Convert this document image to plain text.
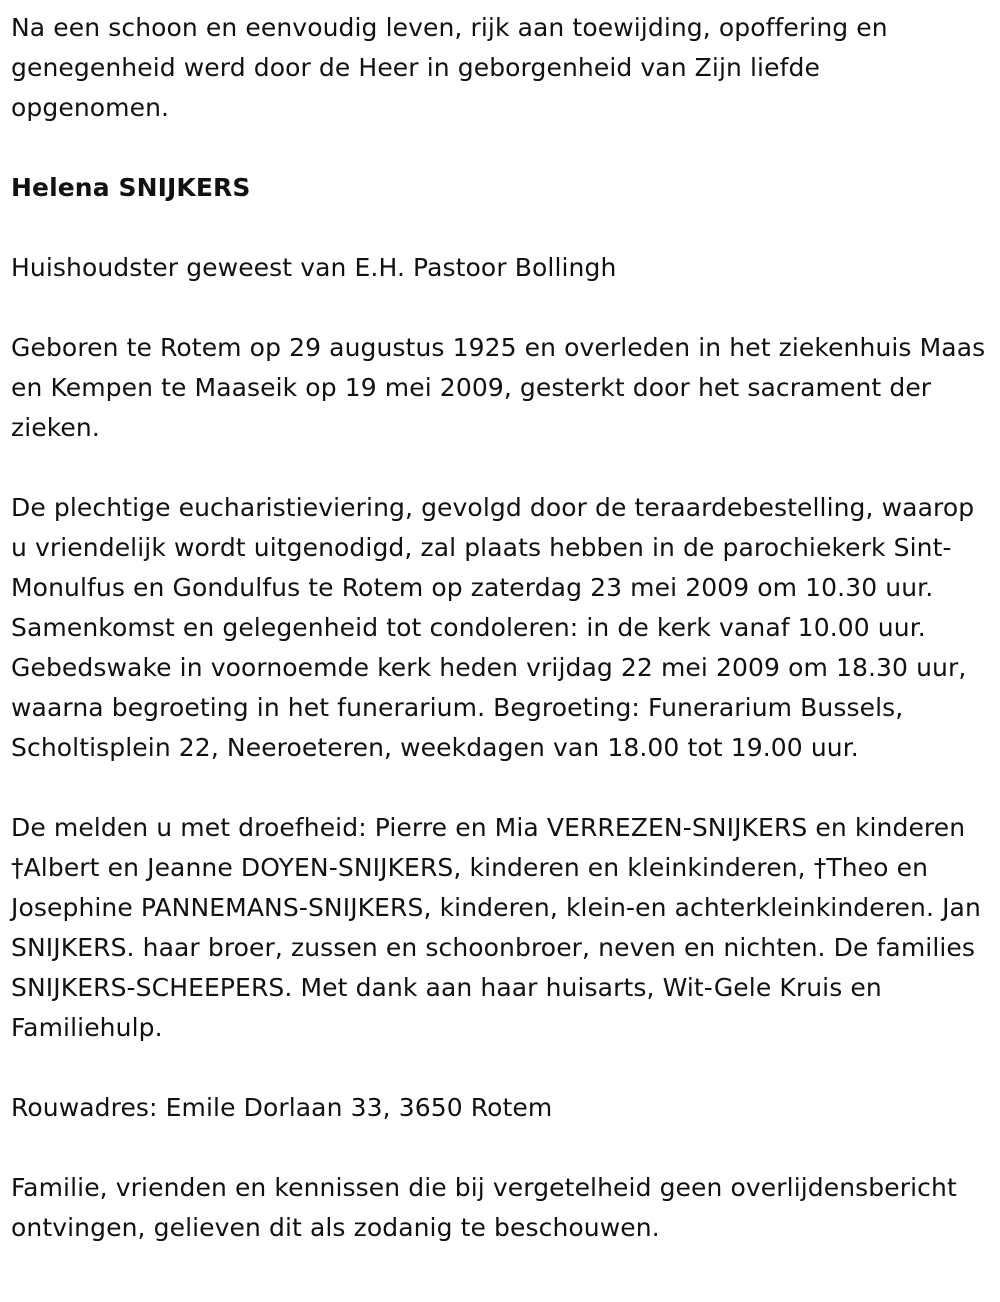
Na een schoon en eenvoudig leven, rijk aan toewijding, opoffering en genegenheid werd door de Heer in geborgenheid van Zijn liefde opgenomen.

Helena SNIJKERS

Huishoudster geweest van E.H. Pastoor Bollingh

Geboren te Rotem op 29 augustus 1925 en overleden in het ziekenhuis Maas en Kempen te Maaseik op 19 mei 2009, gesterkt door het sacrament der zieken.

De plechtige eucharistieviering, gevolgd door de teraardebestelling, waarop u vriendelijk wordt uitgenodigd, zal plaats hebben in de parochiekerk Sint-Monulfus en Gondulfus te Rotem op zaterdag 23 mei 2009 om 10.30 uur. Samenkomst en gelegenheid tot condoleren: in de kerk vanaf 10.00 uur. Gebedswake in voornoemde kerk heden vrijdag 22 mei 2009 om 18.30 uur, waarna begroeting in het funerarium. Begroeting: Funerarium Bussels, Scholtisplein 22, Neeroeteren, weekdagen van 18.00 tot 19.00 uur.

De melden u met droefheid: Pierre en Mia VERREZEN-SNIJKERS en kinderen †Albert en Jeanne DOYEN-SNIJKERS, kinderen en kleinkinderen, †Theo en Josephine PANNEMANS-SNIJKERS, kinderen, klein-en achterkleinkinderen. Jan SNIJKERS. haar broer, zussen en schoonbroer, neven en nichten. De families SNIJKERS-SCHEEPERS. Met dank aan haar huisarts, Wit-Gele Kruis en Familiehulp.

Rouwadres: Emile Dorlaan 33, 3650 Rotem

Familie, vrienden en kennissen die bij vergetelheid geen overlijdensbericht ontvingen, gelieven dit als zodanig te beschouwen.
